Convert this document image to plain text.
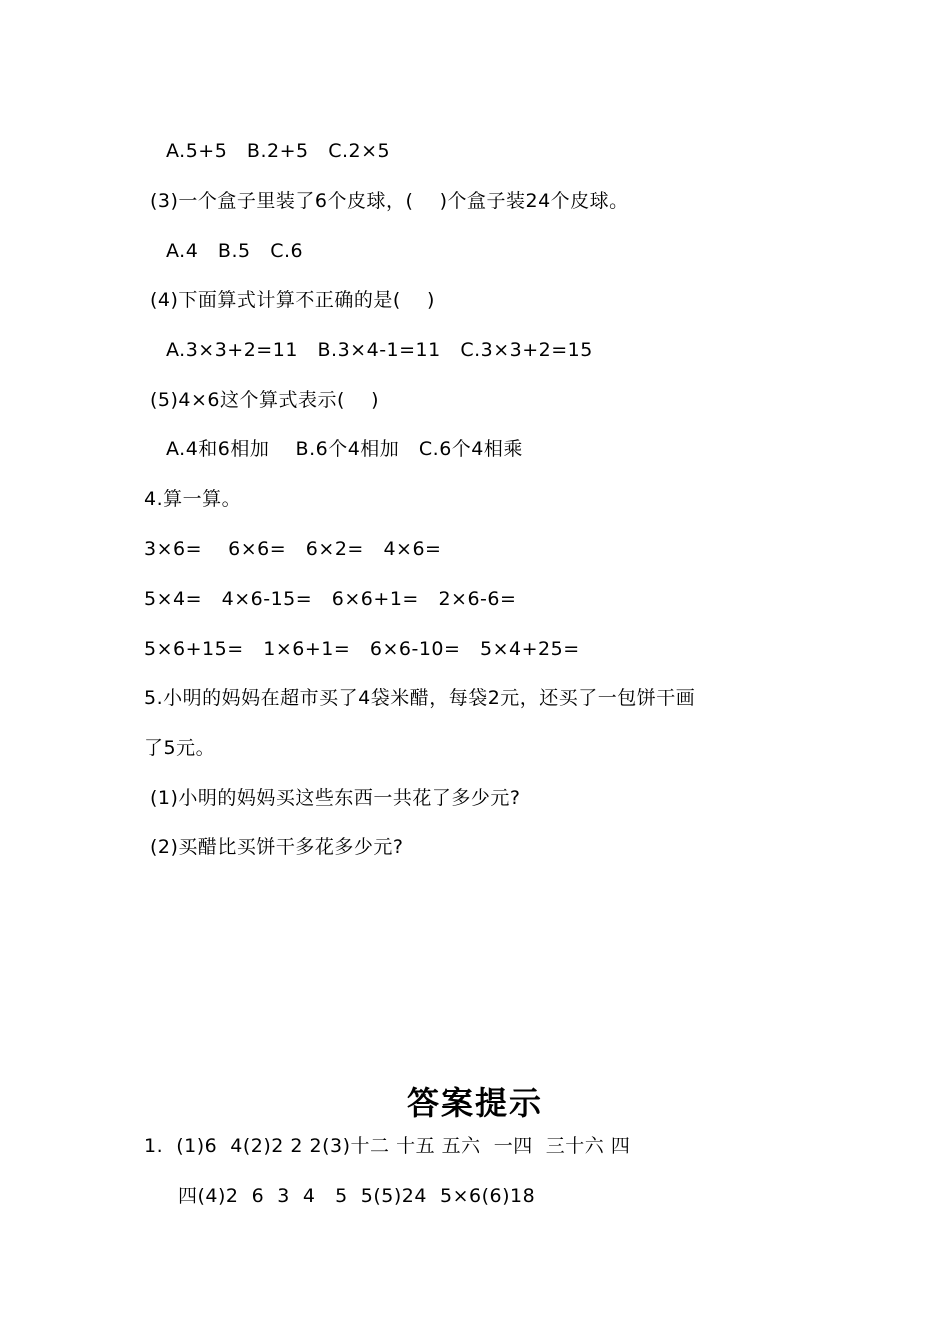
A.5+5   B.2+5   C.2×5
(3)一个盒子里装了6个皮球，(    )个盒子装24个皮球。
A.4   B.5   C.6
(4)下面算式计算不正确的是(    )
A.3×3+2=11   B.3×4-1=11   C.3×3+2=15
(5)4×6这个算式表示(    )
A.4和6相加    B.6个4相加   C.6个4相乘
4.算一算。
3×6=    6×6=   6×2=   4×6=
5×4=   4×6-15=   6×6+1=   2×6-6=
5×6+15=   1×6+1=   6×6-10=   5×4+25=
5.小明的妈妈在超市买了4袋米醋，每袋2元，还买了一包饼干画
了5元。
(1)小明的妈妈买这些东西一共花了多少元?
(2)买醋比买饼干多花多少元?
答案提示
1.  (1)6  4(2)2 2 2(3)十二 十五 五六  一四  三十六 四
四(4)2  6  3  4   5  5(5)24  5×6(6)18
